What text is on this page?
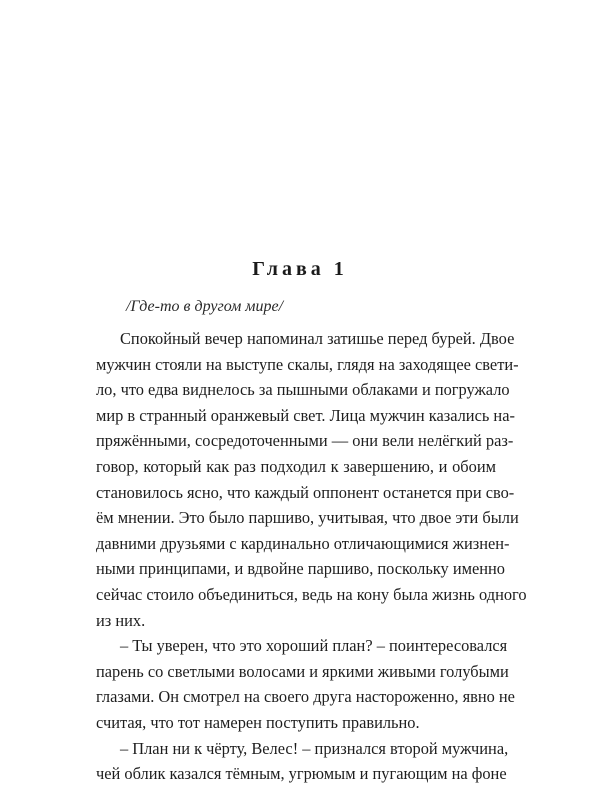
Глава 1
/Где-то в другом мире/
Спокойный вечер напоминал затишье перед бурей. Двое
мужчин стояли на выступе скалы, глядя на заходящее свети-
ло, что едва виднелось за пышными облаками и погружало
мир в странный оранжевый свет. Лица мужчин казались на-
пряжёнными, сосредоточенными — они вели нелёгкий раз-
говор, который как раз подходил к завершению, и обоим
становилось ясно, что каждый оппонент останется при сво-
ём мнении. Это было паршиво, учитывая, что двое эти были
давними друзьями с кардинально отличающимися жизнен-
ными принципами, и вдвойне паршиво, поскольку именно
сейчас стоило объединиться, ведь на кону была жизнь одного
из них.
– Ты уверен, что это хороший план? – поинтересовался
парень со светлыми волосами и яркими живыми голубыми
глазами. Он смотрел на своего друга настороженно, явно не
считая, что тот намерен поступить правильно.
– План ни к чёрту, Велес! – признался второй мужчина,
чей облик казался тёмным, угрюмым и пугающим на фоне
